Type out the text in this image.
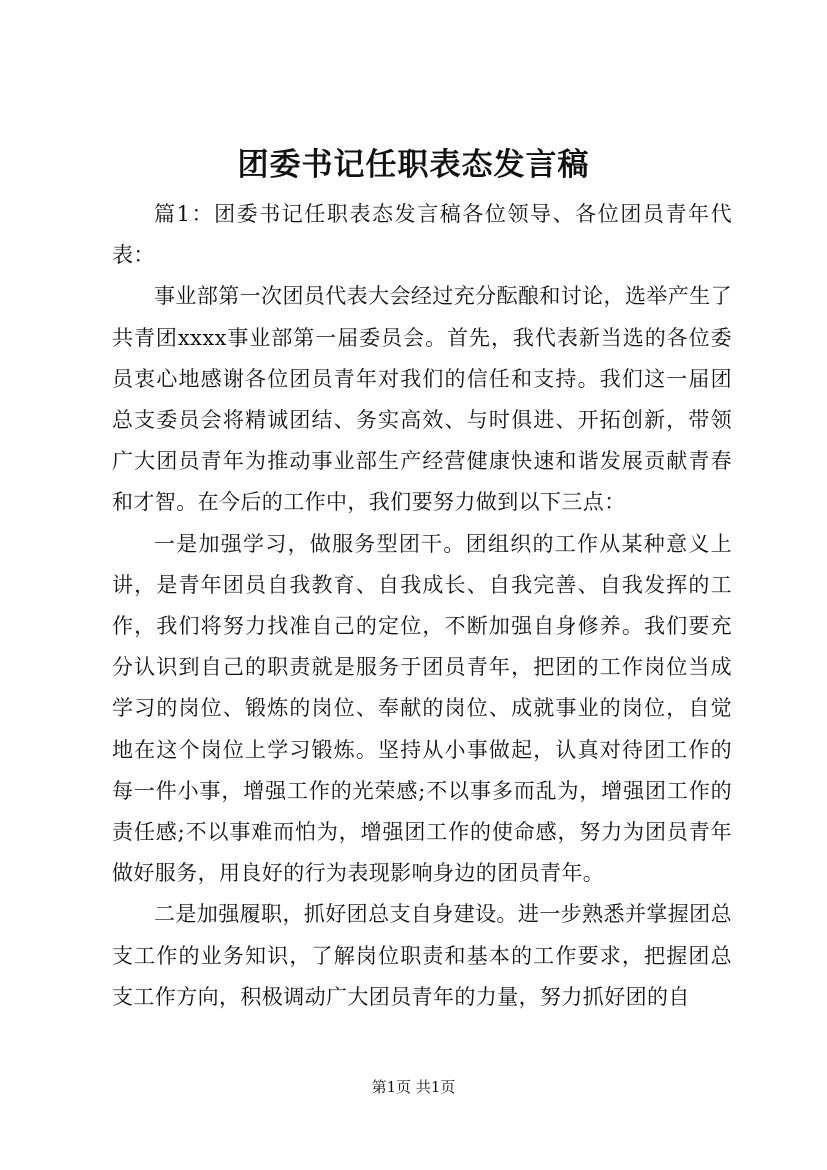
团委书记任职表态发言稿

篇1：团委书记任职表态发言稿各位领导、各位团员青年代表：

事业部第一次团员代表大会经过充分酝酿和讨论，选举产生了共青团xxxx事业部第一届委员会。首先，我代表新当选的各位委员衷心地感谢各位团员青年对我们的信任和支持。我们这一届团总支委员会将精诚团结、务实高效、与时俱进、开拓创新，带领广大团员青年为推动事业部生产经营健康快速和谐发展贡献青春和才智。在今后的工作中，我们要努力做到以下三点：

一是加强学习，做服务型团干。团组织的工作从某种意义上讲，是青年团员自我教育、自我成长、自我完善、自我发挥的工作，我们将努力找准自己的定位，不断加强自身修养。我们要充分认识到自己的职责就是服务于团员青年，把团的工作岗位当成学习的岗位、锻炼的岗位、奉献的岗位、成就事业的岗位，自觉地在这个岗位上学习锻炼。坚持从小事做起，认真对待团工作的每一件小事，增强工作的光荣感;不以事多而乱为，增强团工作的责任感;不以事难而怕为，增强团工作的使命感，努力为团员青年做好服务，用良好的行为表现影响身边的团员青年。

二是加强履职，抓好团总支自身建设。进一步熟悉并掌握团总支工作的业务知识，了解岗位职责和基本的工作要求，把握团总支工作方向，积极调动广大团员青年的力量，努力抓好团的自

第1页 共1页
